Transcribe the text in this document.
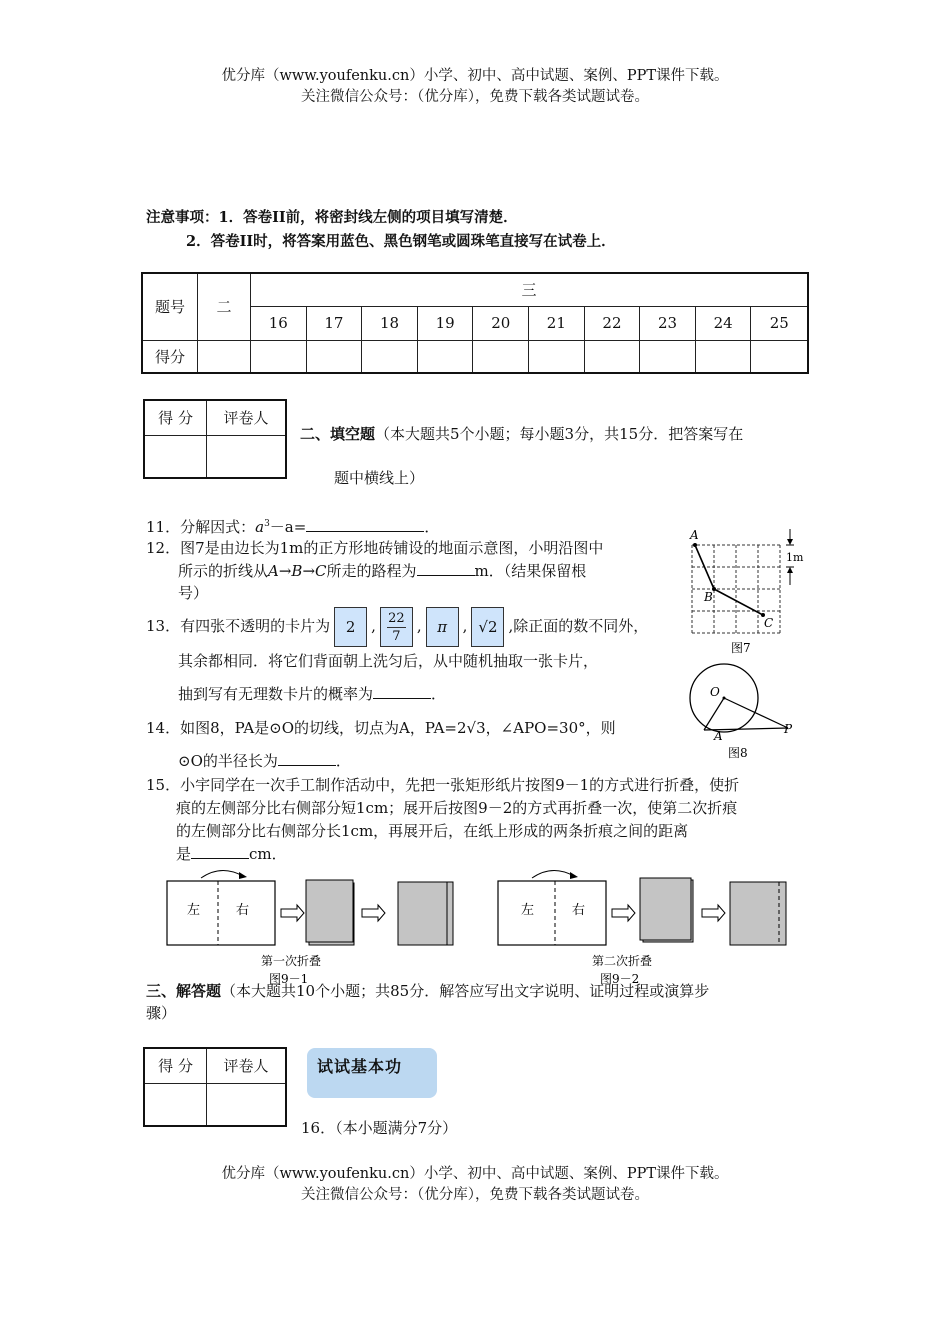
优分库（www.youfenku.cn）小学、初中、高中试题、案例、PPT课件下载。
关注微信公众号：（优分库），免费下载各类试题试卷。
注意事项：1．答卷II前，将密封线左侧的项目填写清楚．
2．答卷II时，将答案用蓝色、黑色钢笔或圆珠笔直接写在试卷上．
题号	二	三									
		16	17	18	19	20	21	22	23	24	25
得分											
得 分	评卷人

二、填空题（本大题共5个小题；每小题3分，共15分．把答案写在
题中横线上）
11．分解因式：$a^3-a=$	．
12．图7是由边长为1m的正方形地砖铺设的地面示意图，小明沿图中
所示的折线从A→B→C所走的路程为	m．（结果保留根
号）
13．有四张不透明的卡片为 2 , $\frac{22}{7}$ , π , √2 ,除正面的数不同外，
其余都相同．将它们背面朝上洗匀后，从中随机抽取一张卡片，
抽到写有无理数卡片的概率为	．
14．如图8，PA是⊙O的切线，切点为A，PA=2√3，∠APO=30°，则
⊙O的半径长为	．
15．小宇同学在一次手工制作活动中，先把一张矩形纸片按图9－1的方式进行折叠，使折
痕的左侧部分比右侧部分短1cm；展开后按图9－2的方式再折叠一次，使第二次折痕
的左侧部分比右侧部分长1cm，再展开后，在纸上形成的两条折痕之间的距离
是	cm．
A
B
C
1m
图7
O
A	P
图8
左	右
第一次折叠
图9－1
左	右
第二次折叠
图9－2
三、解答题（本大题共10个小题；共85分．解答应写出文字说明、证明过程或演算步
骤）
得 分	评卷人
		试试基本功
16．（本小题满分7分）
优分库（www.youfenku.cn）小学、初中、高中试题、案例、PPT课件下载。
关注微信公众号：（优分库），免费下载各类试题试卷。
